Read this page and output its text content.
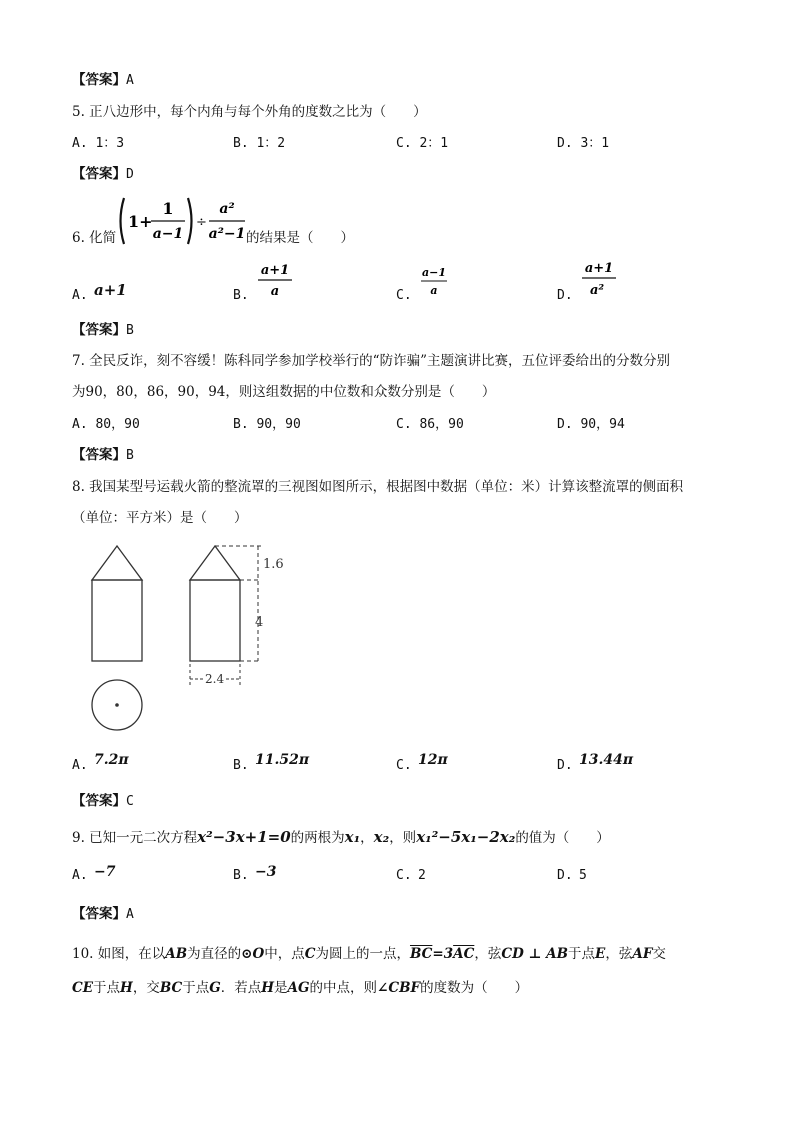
【答案】A
5. 正八边形中，每个内角与每个外角的度数之比为（　　）
A. 1：3	B. 1：2	C. 2：1	D. 3：1
【答案】D
6. 化简
1+
1
a−1
÷
a²
a²−1 的结果是（　　）
A. a+1	B.
a+1
a	C.
a−1
a	D.
a+1
a²
【答案】B
7. 全民反诈，刻不容缓！陈科同学参加学校举行的“防诈骗”主题演讲比赛，五位评委给出的分数分别
为90，80，86，90，94，则这组数据的中位数和众数分别是（　　）
A. 80，90	B. 90，90	C. 86，90	D. 90，94
【答案】B
8. 我国某型号运载火箭的整流罩的三视图如图所示，根据图中数据（单位：米）计算该整流罩的侧面积
（单位：平方米）是（　　）
1.6
4
2.4
A. 7.2π	B. 11.52π	C. 12π	D. 13.44π
【答案】C
9. 已知一元二次方程x²−3x+1=0的两根为x₁，x₂，则x₁²−5x₁−2x₂的值为（　　）
A. −7	B. −3	C. 2	D. 5
【答案】A
10. 如图，在以AB为直径的⊙O中，点C为圆上的一点，$\overline{BC}=3\overline{AC}$，弦CD ⊥ AB于点E，弦AF交
CE于点H，交BC于点G．若点H是AG的中点，则∠CBF的度数为（　　）
